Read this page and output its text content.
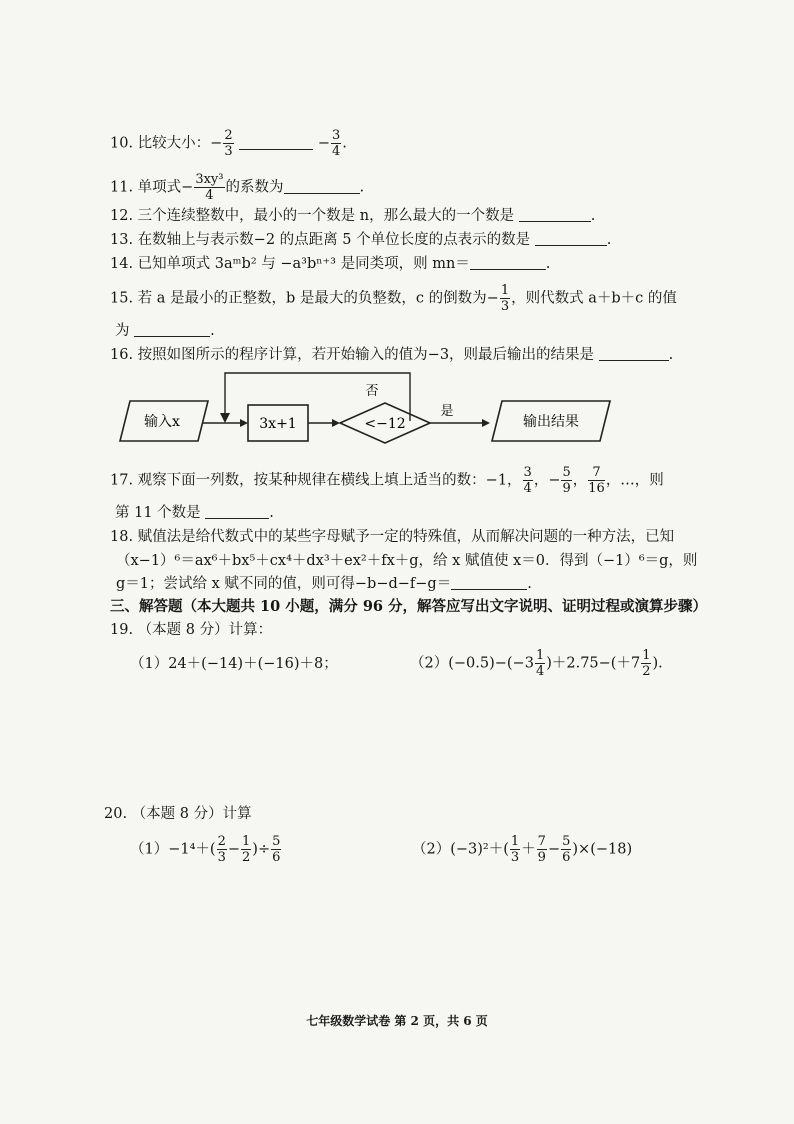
10. 比较大小：− $\frac{2}{3}$	− $\frac{3}{4}$ .
11. 单项式− $\frac{\text{3xy³}}{4}$ 的系数为	.
12. 三个连续整数中，最小的一个数是 n，那么最大的一个数是	.
13. 在数轴上与表示数−2 的点距离 5 个单位长度的点表示的数是	.
14. 已知单项式 3aᵐb² 与 −a³bⁿ⁺³ 是同类项，则 mn＝	.
15. 若 a 是最小的正整数，b 是最大的负整数，c 的倒数为− $\frac{1}{3}$ ，则代数式 a＋b＋c 的值
为	.
16. 按照如图所示的程序计算，若开始输入的值为−3，则最后输出的结果是	.
输入x	3x+1	<−12
否
是
输出结果
17. 观察下面一列数，按某种规律在横线上填上适当的数：−1， $\frac{3}{4}$ ，− $\frac{5}{9}$ ， $\frac{7}{16}$ ，…，则
第 11 个数是	.
18. 赋值法是给代数式中的某些字母赋予一定的特殊值，从而解决问题的一种方法，已知
（x−1）⁶＝ax⁶＋bx⁵＋cx⁴＋dx³＋ex²＋fx＋g，给 x 赋值使 x＝0．得到（−1）⁶＝g，则
g＝1；尝试给 x 赋不同的值，则可得−b−d−f−g＝	.
三、解答题（本大题共 10 小题，满分 96 分，解答应写出文字说明、证明过程或演算步骤）
19. （本题 8 分）计算：
（1）24＋(−14)＋(−16)＋8；	$(2)(-0.5)-(-3 \frac{1}{4} )+2.75-(+7 \frac{1}{2}$ ).
20. （本题 8 分）计算
$(1)-1^4+( \frac{2}{3} - \frac{1}{2}$ )÷ $\frac{5}{6}$	$(2)(-3)^2+( \frac{1}{3} + \frac{7}{9} - \frac{5}{6} )\times(-18)$
七年级数学试卷 第 2 页，共 6 页
